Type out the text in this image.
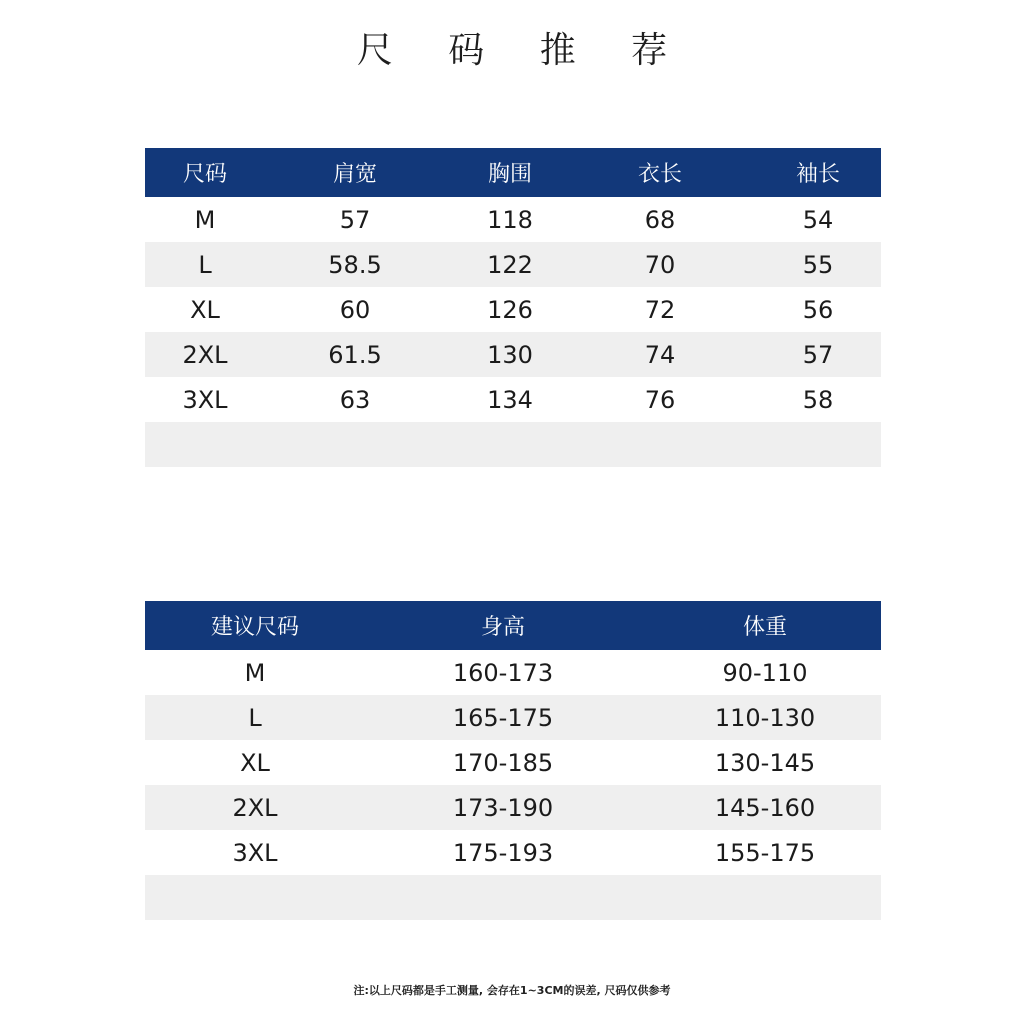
尺 码 推 荐
尺码	肩宽	胸围	衣长	袖长
M	57	118	68	54
L	58.5	122	70	55
XL	60	126	72	56
2XL	61.5	130	74	57
3XL	63	134	76	58
建议尺码	身高	体重
M	160-173	90-110
L	165-175	110-130
XL	170-185	130-145
2XL	173-190	145-160
3XL	175-193	155-175
注:以上尺码都是手工测量, 会存在1~3CM的误差, 尺码仅供参考
